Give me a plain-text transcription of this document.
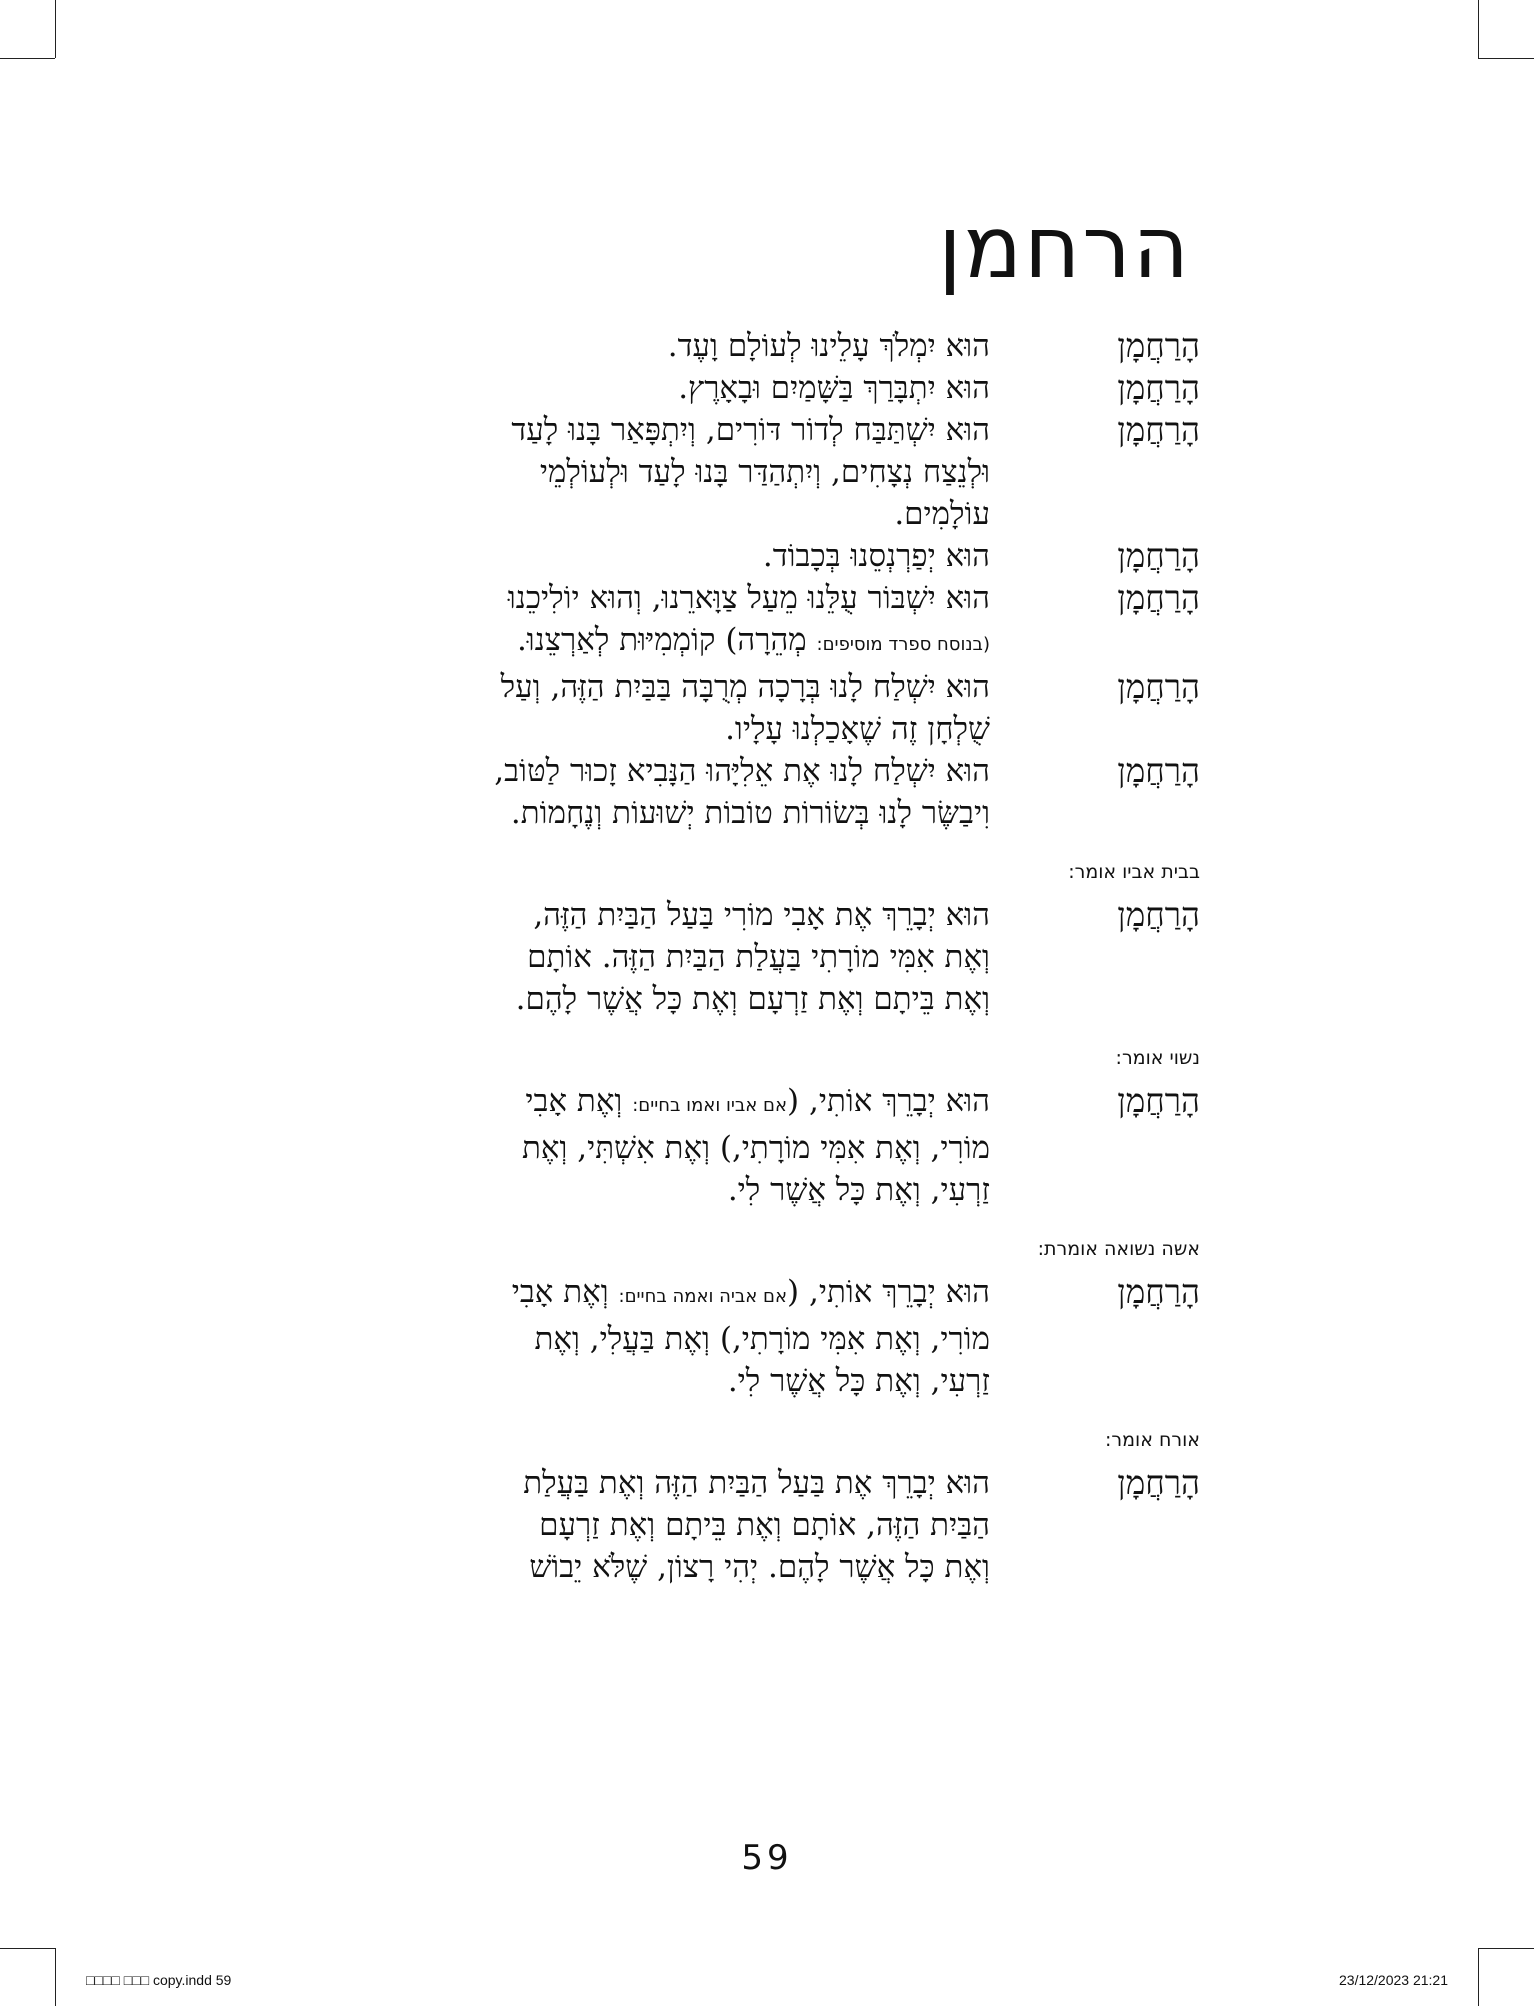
הרחמן
הָרַחֲמָן
הוּא יִמְלֹךְ עָלֵינוּ לְעוֹלָם וָעֶד.
הָרַחֲמָן
הוּא יִתְבָּרַךְ בַּשָּׁמַיִם וּבָאָרֶץ.
הָרַחֲמָן
הוּא יִשְׁתַּבַּח לְדוֹר דּוֹרִים, וְיִתְפָּאַר בָּנוּ לָעַד
וּלְנֵצַח נְצָחִים, וְיִתְהַדַּר בָּנוּ לָעַד וּלְעוֹלְמֵי
עוֹלָמִים.
הָרַחֲמָן
הוּא יְפַרְנְסֵנוּ בְּכָבוֹד.
הָרַחֲמָן
הוּא יִשְׁבּוֹר עֻלֵּנוּ מֵעַל צַוָּארֵנוּ, וְהוּא יוֹלִיכֵנוּ
(בנוסח ספרד מוסיפים: מְהֵרָה) קוֹמְמִיּוּת לְאַרְצֵנוּ.
הָרַחֲמָן
הוּא יִשְׁלַח לָנוּ בְּרָכָה מְרֻבָּה בַּבַּיִת הַזֶּה, וְעַל
שֻׁלְחָן זֶה שֶׁאָכַלְנוּ עָלָיו.
הָרַחֲמָן
הוּא יִשְׁלַח לָנוּ אֶת אֵלִיָּהוּ הַנָּבִיא זָכוּר לַטּוֹב,
וִיבַשֶּׂר לָנוּ בְּשׂוֹרוֹת טוֹבוֹת יְשׁוּעוֹת וְנֶחָמוֹת.
בבית אביו אומר:
הָרַחֲמָן
הוּא יְבָרֵךְ אֶת אָבִי מוֹרִי בַּעַל הַבַּיִת הַזֶּה,
וְאֶת אִמִּי מוֹרָתִי בַּעֲלַת הַבַּיִת הַזֶּה. אוֹתָם
וְאֶת בֵּיתָם וְאֶת זַרְעָם וְאֶת כָּל אֲשֶׁר לָהֶם.
נשוי אומר:
הָרַחֲמָן
הוּא יְבָרֵךְ אוֹתִי, (אם אביו ואמו בחיים: וְאֶת אָבִי
מוֹרִי, וְאֶת אִמִּי מוֹרָתִי,) וְאֶת אִשְׁתִּי, וְאֶת
זַרְעִי, וְאֶת כָּל אֲשֶׁר לִי.
אשה נשואה אומרת:
הָרַחֲמָן
הוּא יְבָרֵךְ אוֹתִי, (אם אביה ואמה בחיים: וְאֶת אָבִי
מוֹרִי, וְאֶת אִמִּי מוֹרָתִי,) וְאֶת בַּעֲלִי, וְאֶת
זַרְעִי, וְאֶת כָּל אֲשֶׁר לִי.
אורח אומר:
הָרַחֲמָן
הוּא יְבָרֵךְ אֶת בַּעַל הַבַּיִת הַזֶּה וְאֶת בַּעֲלַת
הַבַּיִת הַזֶּה, אוֹתָם וְאֶת בֵּיתָם וְאֶת זַרְעָם
וְאֶת כָּל אֲשֶׁר לָהֶם. יְהִי רָצוֹן, שֶׁלֹּא יֵבוֹשׁ
59
□□□□ □□□ copy.indd 59	23/12/2023 21:21
